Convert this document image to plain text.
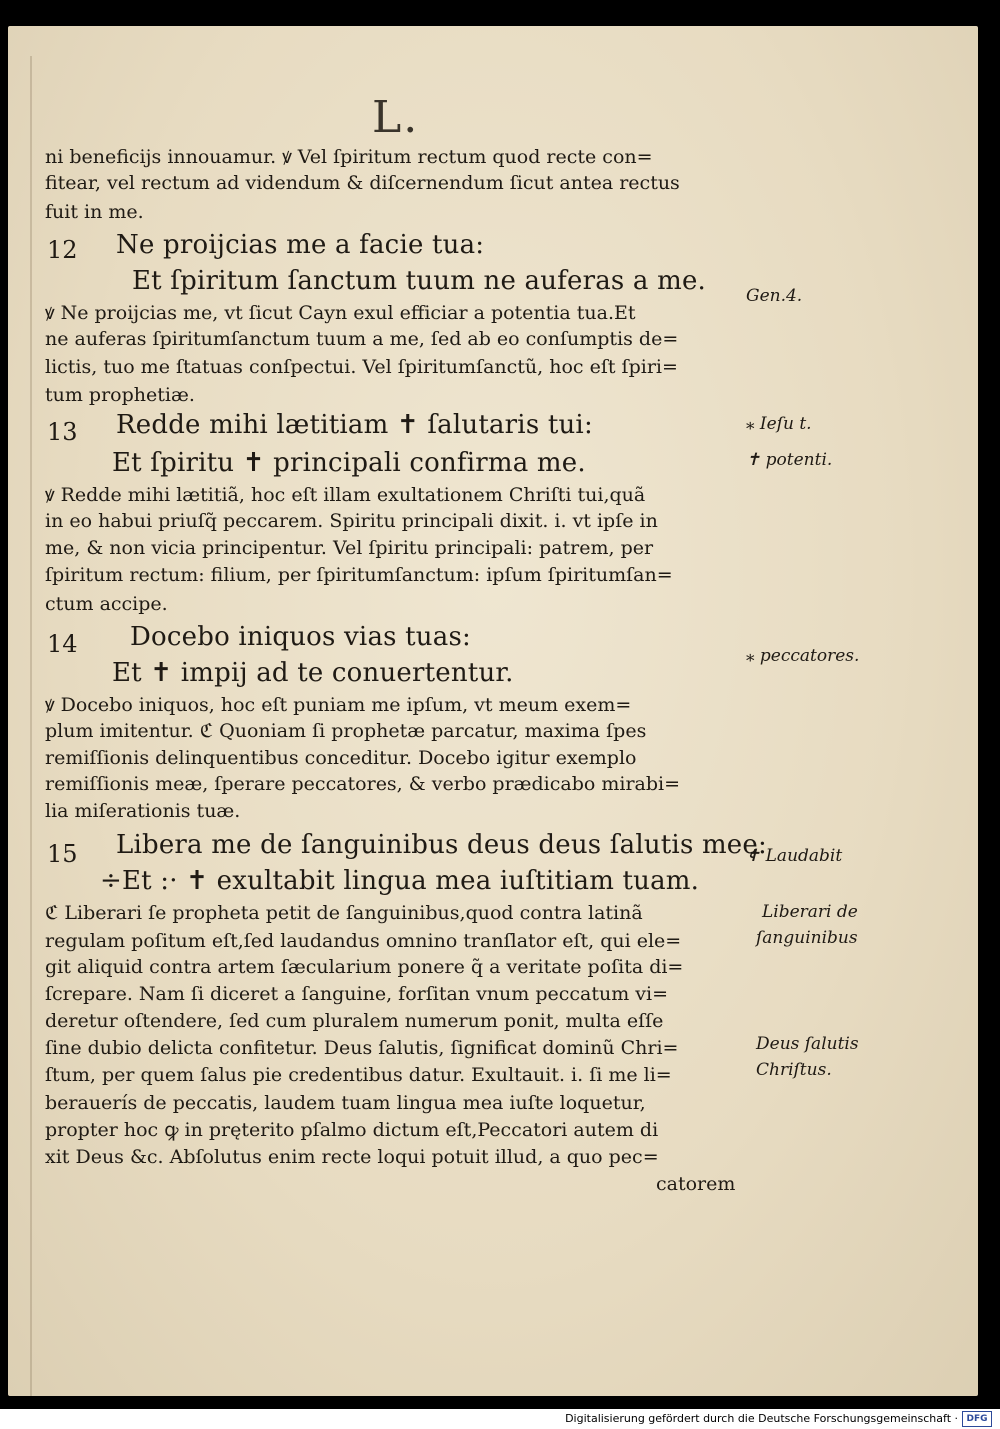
L.
ni beneficijs innouamur. ꝟ Vel ſpiritum rectum quod recte con=
fitear, vel rectum ad videndum & diſcernendum ſicut antea rectus
fuit in me.
12 Ne proijcias me a facie tua:
Et ſpiritum ſanctum tuum ne auferas a me. Gen.4.
ꝟ Ne proijcias me, vt ſicut Cayn exul efficiar a potentia tua.Et
ne auferas ſpiritumſanctum tuum a me, ſed ab eo conſumptis de=
lictis, tuo me ſtatuas conſpectui. Vel ſpiritumſanctũ, hoc eſt ſpiri=
tum prophetiæ.
13 Redde mihi lætitiam ✝ ſalutaris tui:
Et ſpiritu ✝ principali confirma me.
⁎ Ieſu t.
✝ potenti.
ꝟ Redde mihi lætitiã, hoc eſt illam exultationem Chriſti tui,quã
in eo habui priuſq̃ peccarem. Spiritu principali dixit. i. vt ipſe in
me, & non vicia principentur. Vel ſpiritu principali: patrem, per
ſpiritum rectum: filium, per ſpiritumſanctum: ipſum ſpiritumſan=
ctum accipe.
14 Docebo iniquos vias tuas:
Et ✝ impij ad te conuertentur.
⁎ peccatores.
ꝟ Docebo iniquos, hoc eſt puniam me ipſum, vt meum exem=
plum imitentur. ℭ Quoniam ſi prophetæ parcatur, maxima ſpes
remiſſionis delinquentibus conceditur. Docebo igitur exemplo
remiſſionis meæ, ſperare peccatores, & verbo prædicabo mirabi=
lia miſerationis tuæ.
15 Libera me de ſanguinibus deus deus ſalutis meę:
÷Et :· ✝ exultabit lingua mea iuſtitiam tuam.
✝ Laudabit
ℭ Liberari ſe propheta petit de ſanguinibus,quod contra latinã
regulam poſitum eſt,ſed laudandus omnino tranſlator eſt, qui ele=
git aliquid contra artem ſæcularium ponere q̃ a veritate poſita di=
ſcrepare. Nam ſi diceret a ſanguine, forſitan vnum peccatum vi=
deretur oſtendere, ſed cum pluralem numerum ponit, multa eſſe
ſine dubio delicta confitetur. Deus ſalutis, ſignificat dominũ Chri=
ſtum, per quem ſalus pie credentibus datur. Exultauit. i. ſi me li=
berauerís de peccatis, laudem tuam lingua mea iuſte loquetur,
propter hoc ꝙ in pręterito pſalmo dictum eſt,Peccatori autem di
xit Deus &c. Abſolutus enim recte loqui potuit illud, a quo pec=
catorem
Liberari de
ſanguinibus
Deus ſalutis
Chriſtus.
Digitalisierung gefördert durch die Deutsche Forschungsgemeinschaft · DFG
